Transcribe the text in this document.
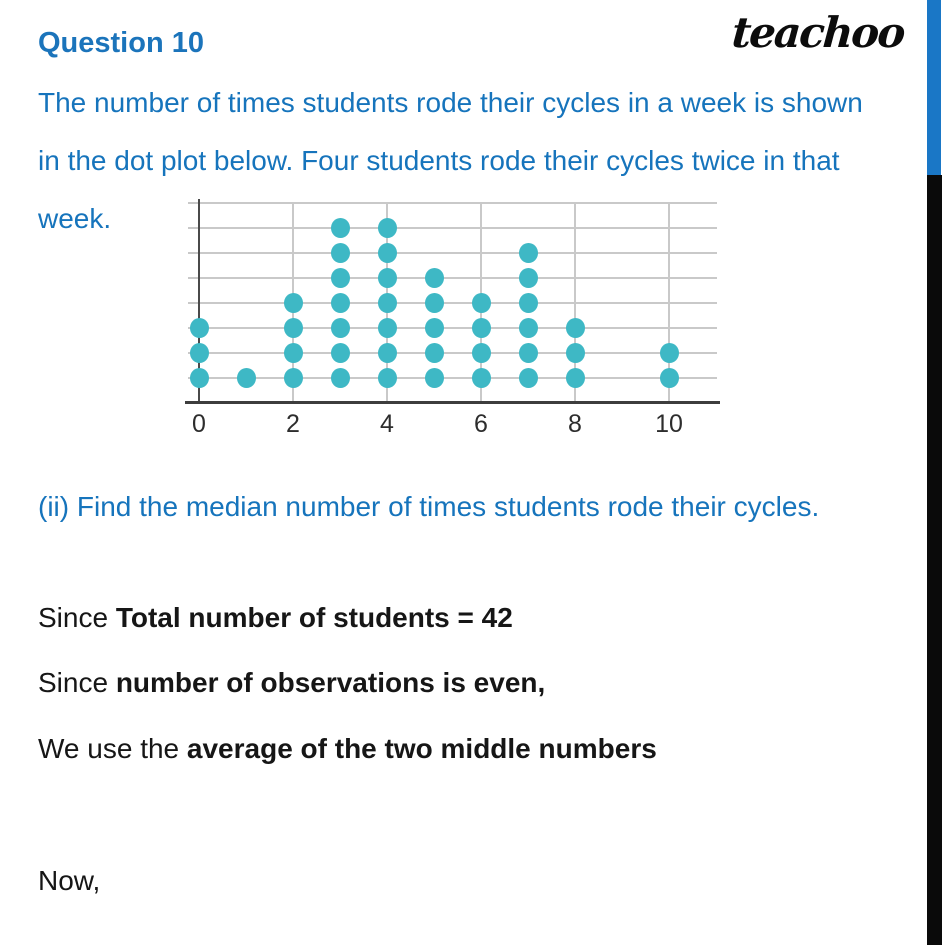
Question 10	teachoo
The number of times students rode their cycles in a week is shown
in the dot plot below. Four students rode their cycles twice in that
week.
0	2	4	6	8	10
(ii) Find the median number of times students rode their cycles.
Since Total number of students = 42
Since number of observations is even,
We use the average of the two middle numbers
Now,
